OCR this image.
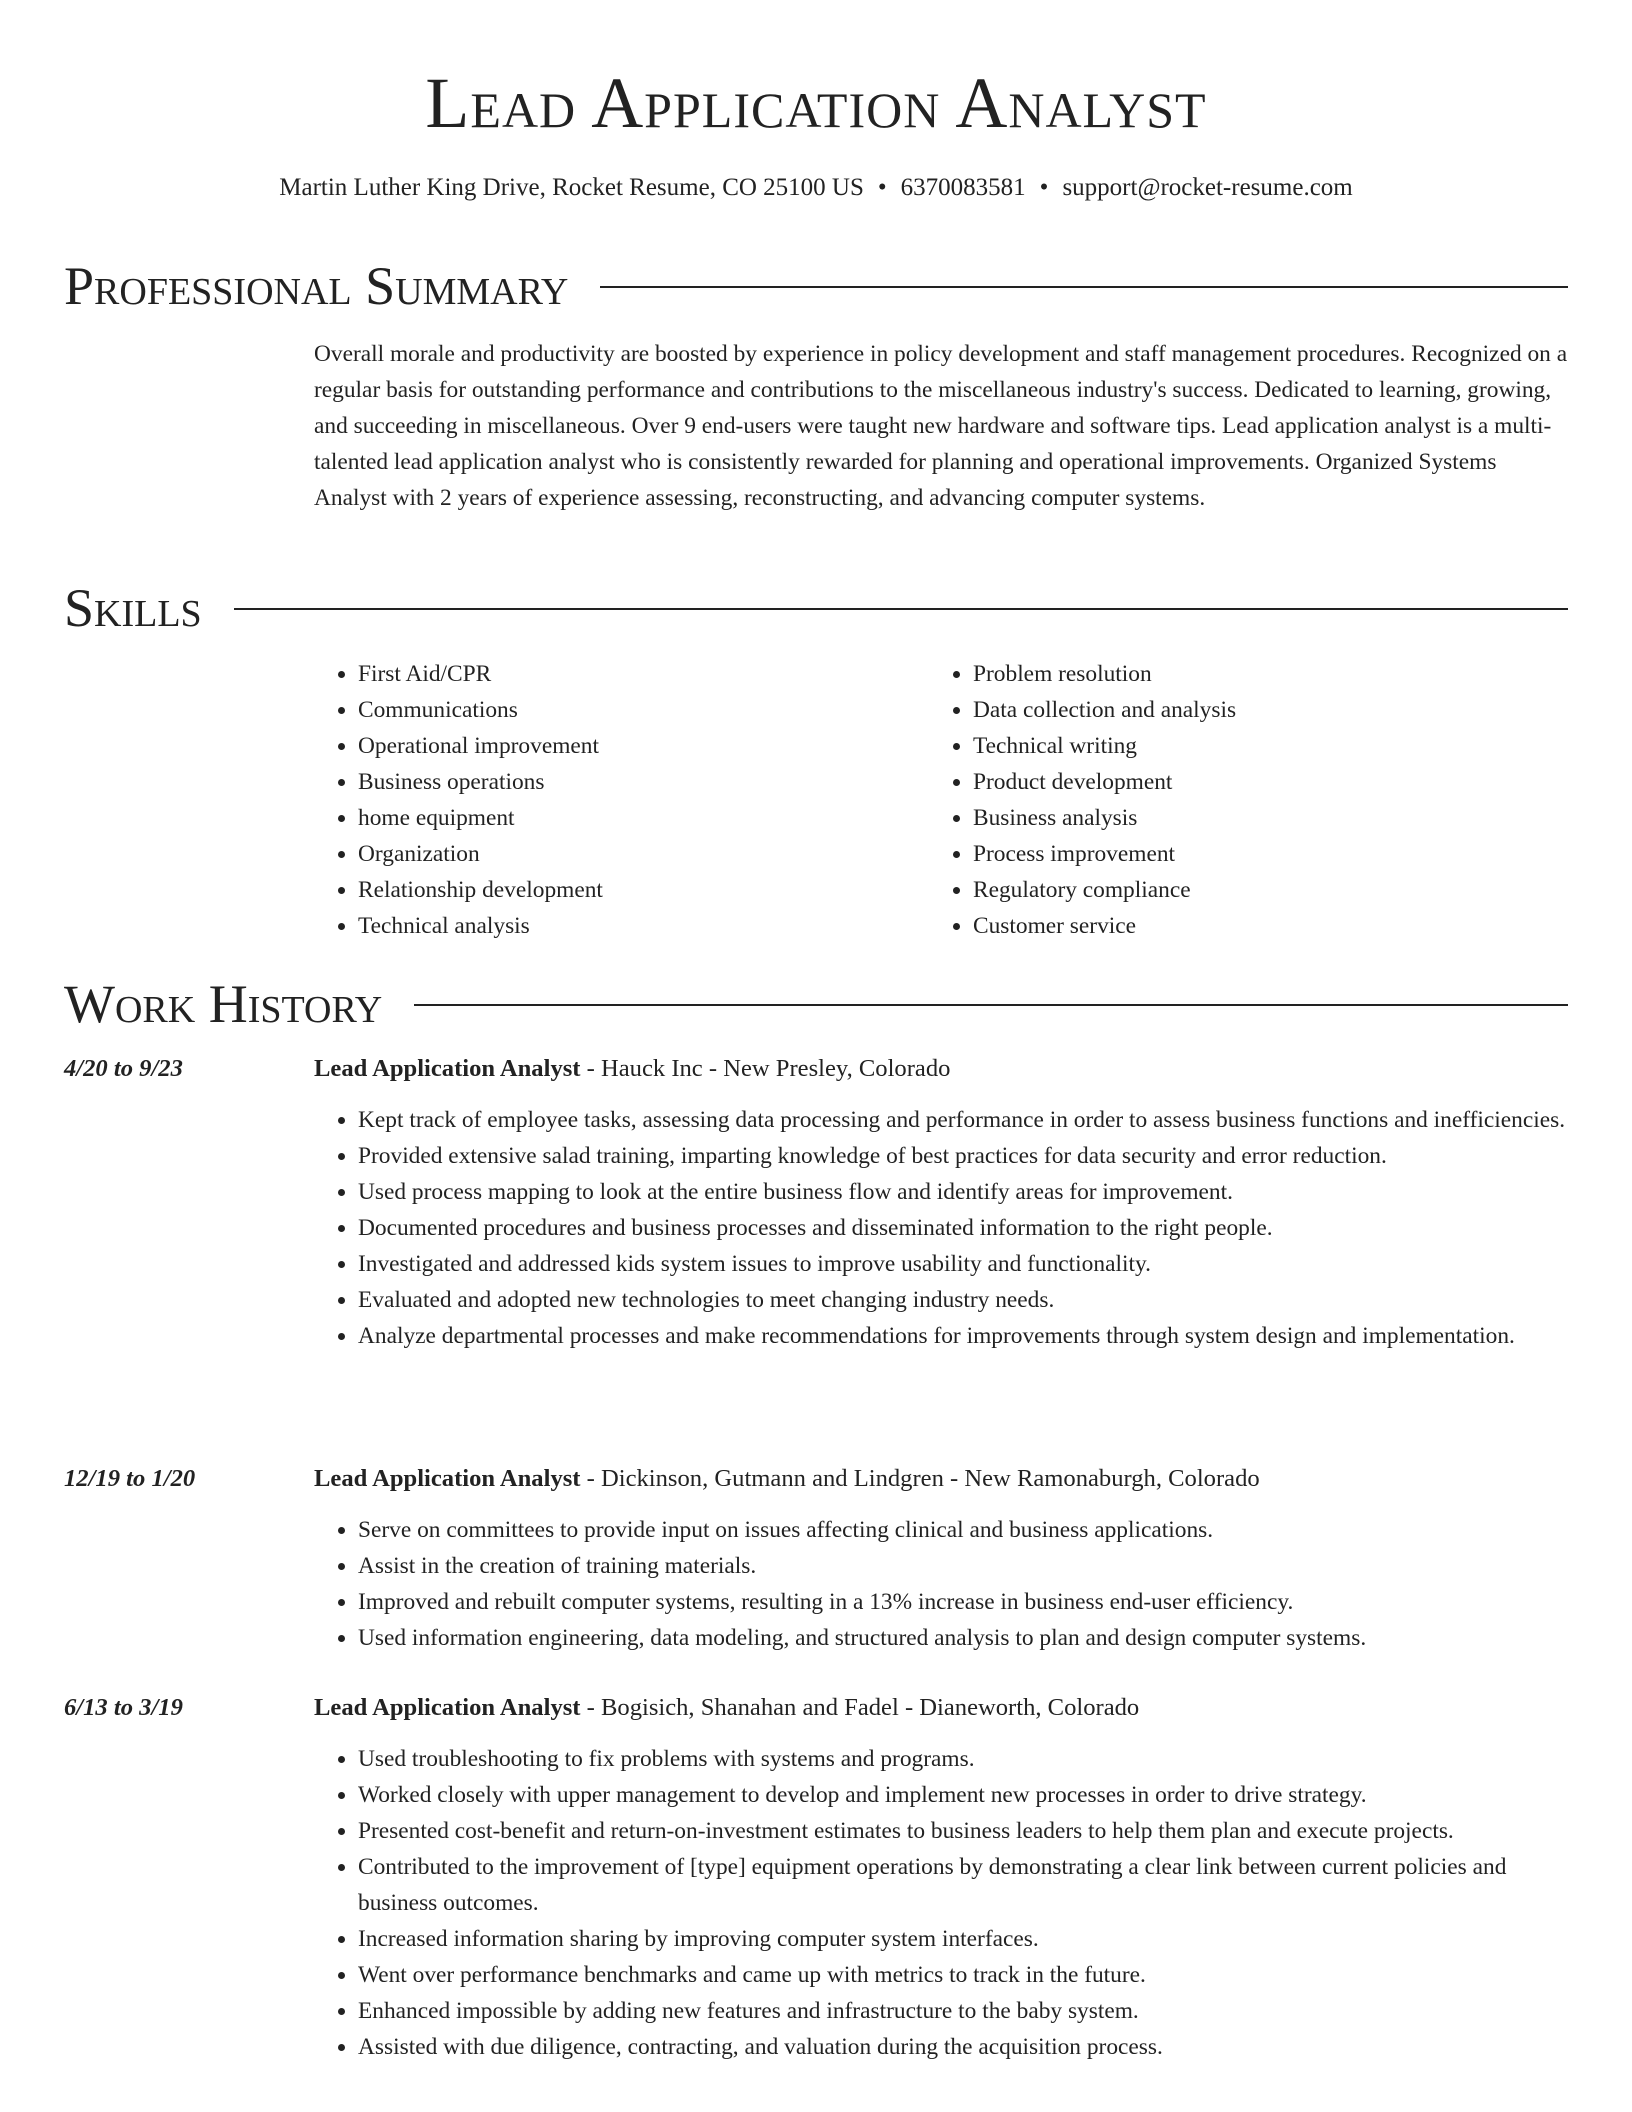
Lead Application Analyst
Martin Luther King Drive, Rocket Resume, CO 25100 US • 6370083581 • support@rocket-resume.com
Professional Summary

Overall morale and productivity are boosted by experience in policy development and staff management procedures. Recognized on a regular basis for outstanding performance and contributions to the miscellaneous industry's success. Dedicated to learning, growing, and succeeding in miscellaneous. Over 9 end-users were taught new hardware and software tips. Lead application analyst is a multi-talented lead application analyst who is consistently rewarded for planning and operational improvements. Organized Systems Analyst with 2 years of experience assessing, reconstructing, and advancing computer systems.

Skills
• First Aid/CPR
• Communications
• Operational improvement
• Business operations
• home equipment
• Organization
• Relationship development
• Technical analysis
• Problem resolution
• Data collection and analysis
• Technical writing
• Product development
• Business analysis
• Process improvement
• Regulatory compliance
• Customer service
Work History
4/20 to 9/23	Lead Application Analyst - Hauck Inc - New Presley, Colorado
• Kept track of employee tasks, assessing data processing and performance in order to assess business functions and inefficiencies.
• Provided extensive salad training, imparting knowledge of best practices for data security and error reduction.
• Used process mapping to look at the entire business flow and identify areas for improvement.
• Documented procedures and business processes and disseminated information to the right people.
• Investigated and addressed kids system issues to improve usability and functionality.
• Evaluated and adopted new technologies to meet changing industry needs.
• Analyze departmental processes and make recommendations for improvements through system design and implementation.
12/19 to 1/20	Lead Application Analyst - Dickinson, Gutmann and Lindgren - New Ramonaburgh, Colorado
• Serve on committees to provide input on issues affecting clinical and business applications.
• Assist in the creation of training materials.
• Improved and rebuilt computer systems, resulting in a 13% increase in business end-user efficiency.
• Used information engineering, data modeling, and structured analysis to plan and design computer systems.
6/13 to 3/19	Lead Application Analyst - Bogisich, Shanahan and Fadel - Dianeworth, Colorado
• Used troubleshooting to fix problems with systems and programs.
• Worked closely with upper management to develop and implement new processes in order to drive strategy.
• Presented cost-benefit and return-on-investment estimates to business leaders to help them plan and execute projects.
• Contributed to the improvement of [type] equipment operations by demonstrating a clear link between current policies and business outcomes.
• Increased information sharing by improving computer system interfaces.
• Went over performance benchmarks and came up with metrics to track in the future.
• Enhanced impossible by adding new features and infrastructure to the baby system.
• Assisted with due diligence, contracting, and valuation during the acquisition process.
